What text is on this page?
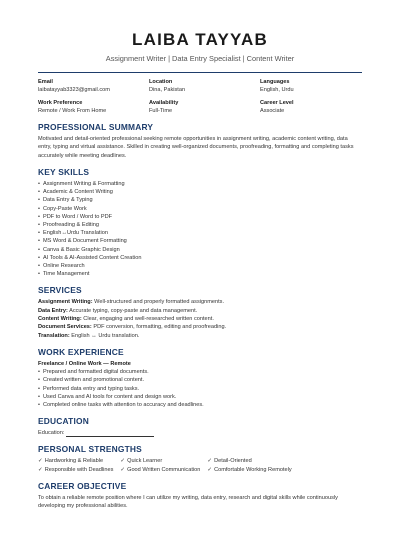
LAIBA TAYYAB
Assignment Writer | Data Entry Specialist | Content Writer
Email
laibatayyab3323@gmail.com
Location
Dina, Pakistan
Languages
English, Urdu
Work Preference
Remote / Work From Home
Availability
Full-Time
Career Level
Associate
PROFESSIONAL SUMMARY
Motivated and detail-oriented professional seeking remote opportunities in assignment writing, academic content writing, data entry, typing and virtual assistance. Skilled in creating well-organized documents, proofreading, formatting and completing tasks accurately while meeting deadlines.
KEY SKILLS
• Assignment Writing & Formatting
• Academic & Content Writing
• Data Entry & Typing
• Copy-Paste Work
• PDF to Word / Word to PDF
• Proofreading & Editing
• English↔Urdu Translation
• MS Word & Document Formatting
• Canva & Basic Graphic Design
• AI Tools & AI-Assisted Content Creation
• Online Research
• Time Management
SERVICES
Assignment Writing: Well-structured and properly formatted assignments.
Data Entry: Accurate typing, copy-paste and data management.
Content Writing: Clear, engaging and well-researched written content.
Document Services: PDF conversion, formatting, editing and proofreading.
Translation: English ↔ Urdu translation.
WORK EXPERIENCE
Freelance / Online Work — Remote
• Prepared and formatted digital documents.
• Created written and promotional content.
• Performed data entry and typing tasks.
• Used Canva and AI tools for content and design work.
• Completed online tasks with attention to accuracy and deadlines.
EDUCATION
Education:
PERSONAL STRENGTHS
✓ Hardworking & Reliable	✓ Quick Learner	✓ Detail-Oriented
✓ Responsible with Deadlines	✓ Good Written Communication	✓ Comfortable Working Remotely
CAREER OBJECTIVE
To obtain a reliable remote position where I can utilize my writing, data entry, research and digital skills while continuously developing my professional abilities.
